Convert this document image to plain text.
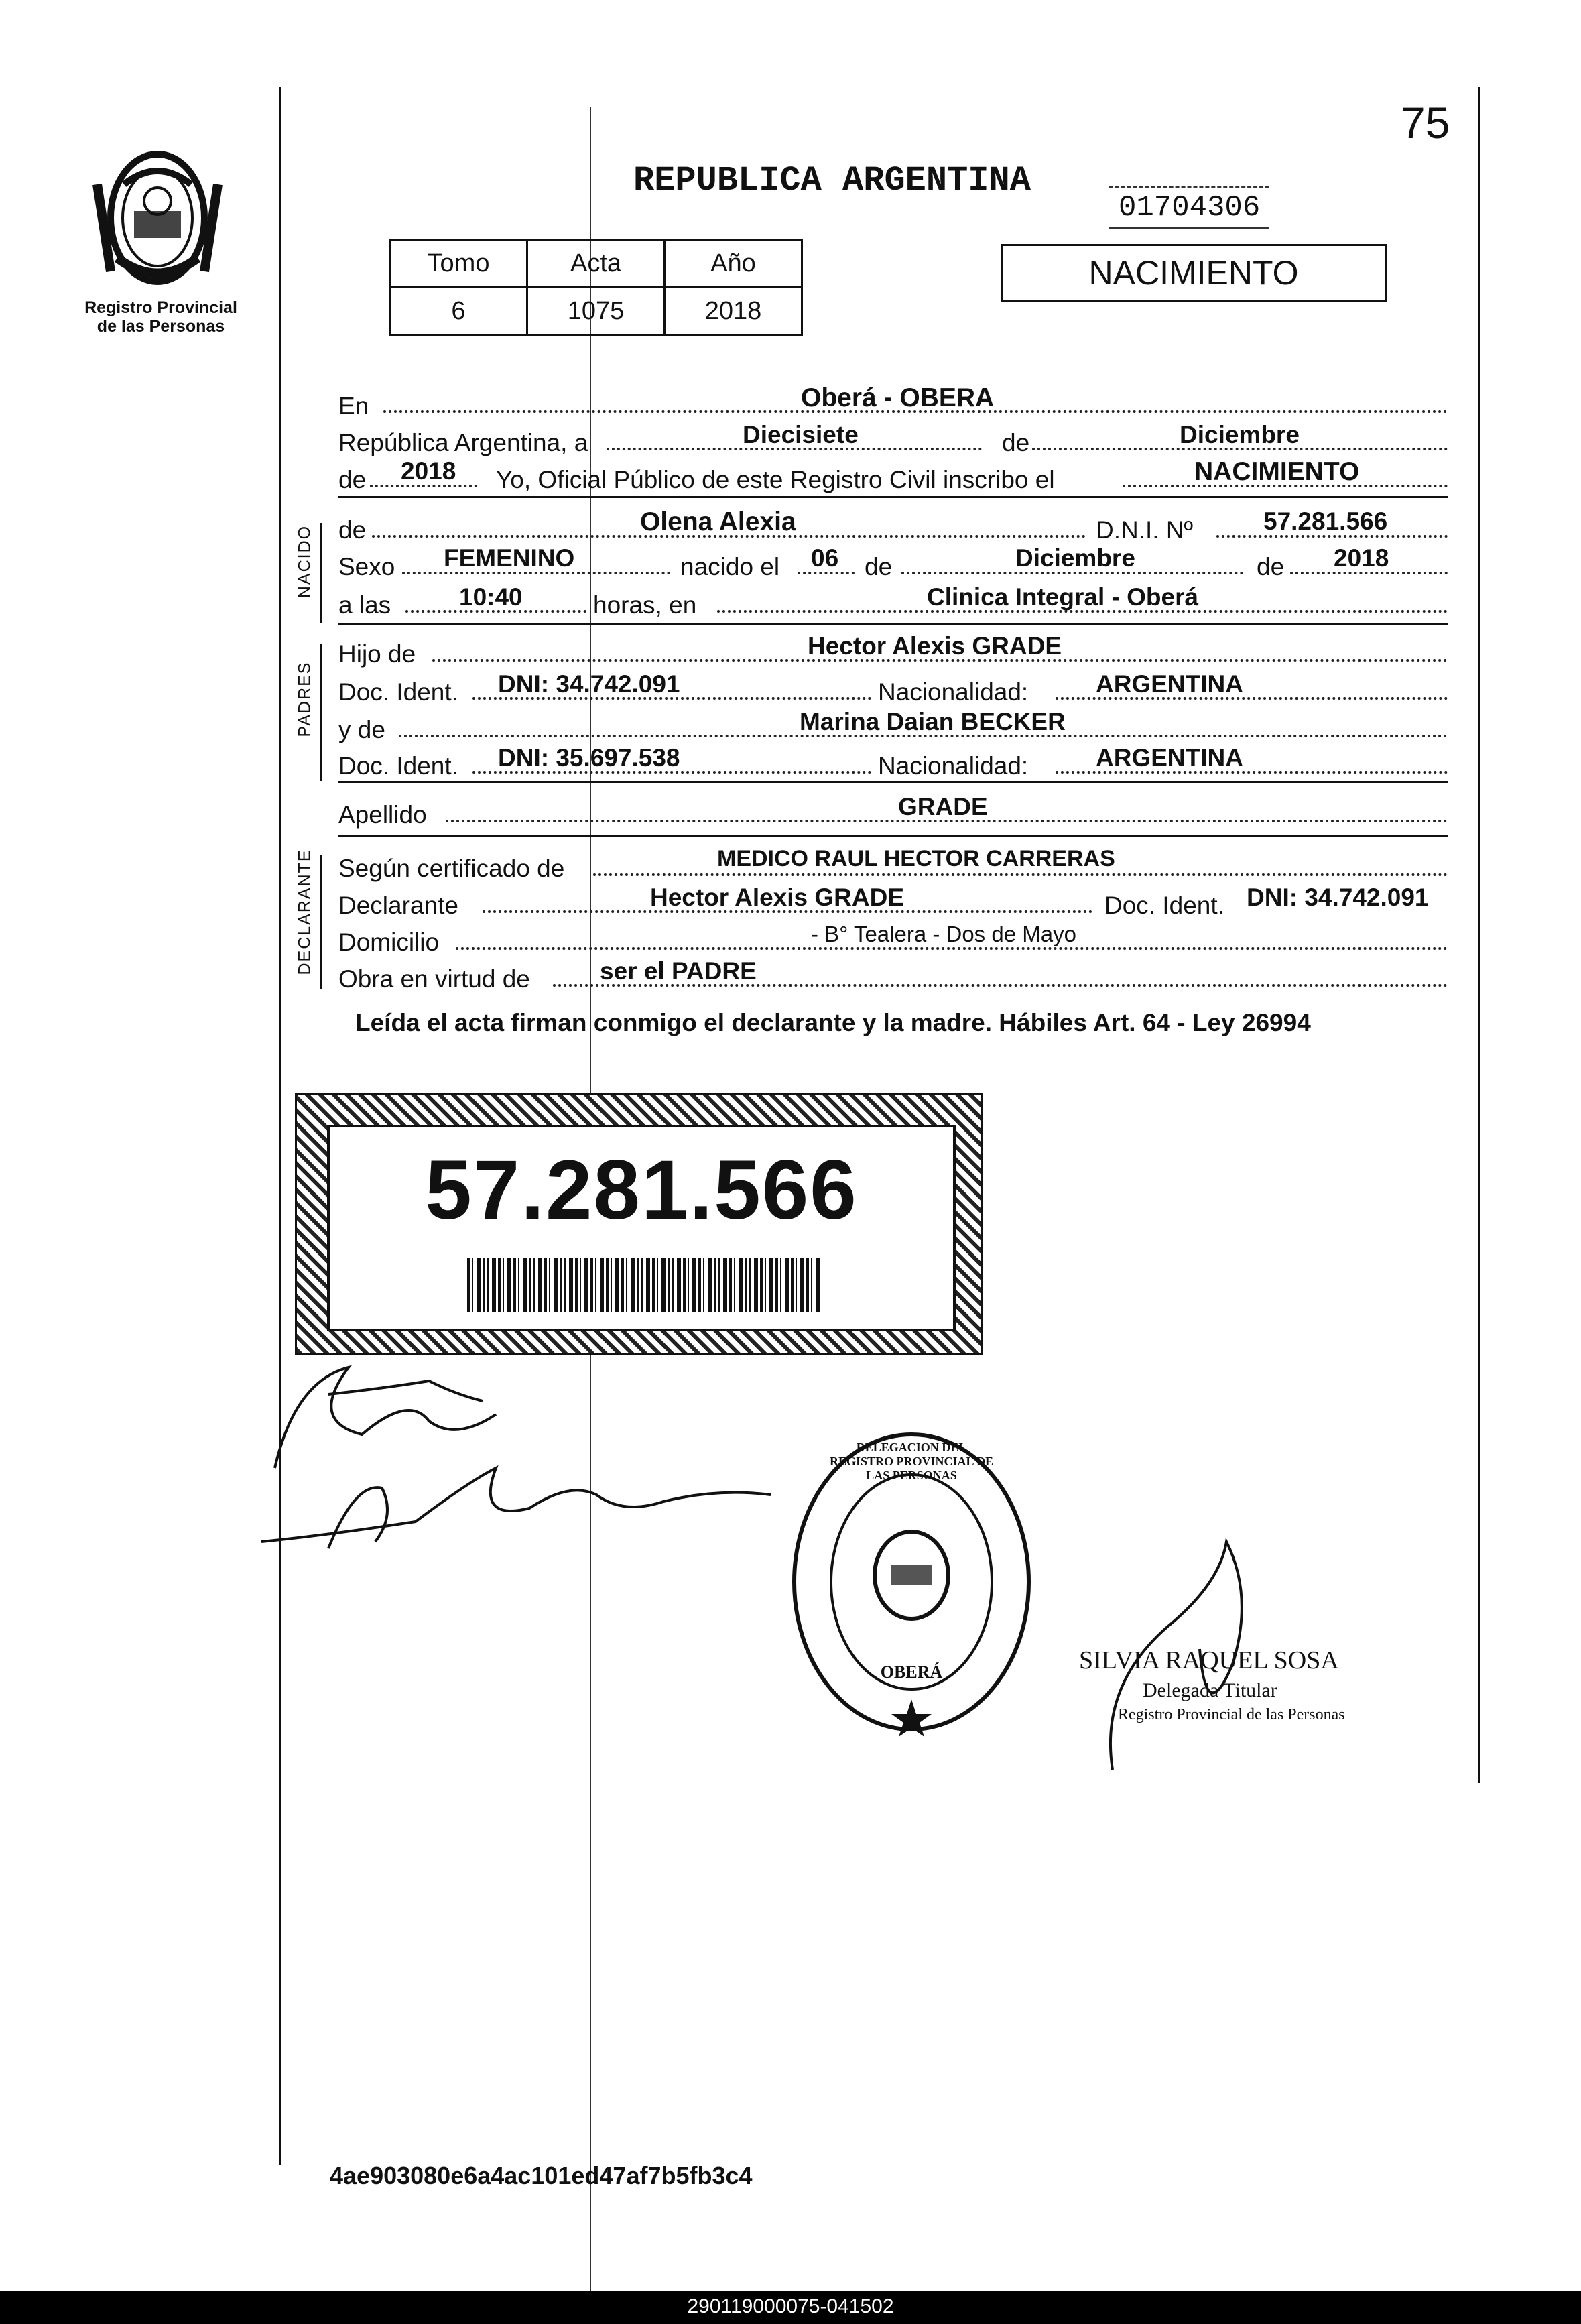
75
Registro Provincial
de las Personas
REPUBLICA ARGENTINA
01704306
NACIMIENTO
Tomo	Acta	Año
6	1075	2018
En	Oberá - OBERA
República Argentina, a	Diecisiete	de	Diciembre
de 2018 Yo, Oficial Público de este Registro Civil inscribo el	NACIMIENTO
NACIDO de	Olena Alexia	D.N.I. Nº	57.281.566
Sexo FEMENINO	nacido el 06 de	Diciembre	de 2018
a las	10:40	horas, en	Clinica Integral - Oberá
PADRES
Hijo de	Hector Alexis GRADE
Doc. Ident. DNI: 34.742.091	Nacionalidad:	ARGENTINA
y de	Marina Daian BECKER
Doc. Ident. DNI: 35.697.538	Nacionalidad:	ARGENTINA
Apellido	GRADE
DECLARANTE Según certificado de	MEDICO RAUL HECTOR CARRERAS
Declarante	Hector Alexis GRADE	Doc. Ident. DNI: 34.742.091
Domicilio	- B° Tealera - Dos de Mayo
Obra en virtud de	ser el PADRE
Leída el acta firman conmigo el declarante y la madre. Hábiles Art. 64 - Ley 26994
57.281.566
DELEGACION DEL REGISTRO PROVINCIAL DE LAS PERSONAS
OBERÁ	SILVIA RAQUEL SOSA
Delegada Titular
Registro Provincial de las Personas
4ae903080e6a4ac101ed47af7b5fb3c4
290119000075-041502
